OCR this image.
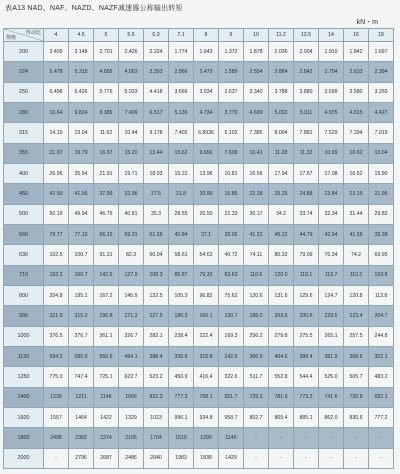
表A13 NAD、NAF、NAZD、NAZF减速器公称输出转矩
kN・m
传动比
规格	4	4.5	5	5.6	6.3	7.1	8	9	10	11.2	12.5	14	16	18
200	3.409	3.148	2.701	2.426	2.224	1.774	1.643	1.372	1.878	2.036	2.004	1.910	1.842	1.697
224	5.478	5.315	4.665	4.063	3.393	2.866	2.479	1.589	2.554	2.884	2.842	2.704	2.633	2.394
250	6.498	6.426	5.776	5.033	4.418	3.666	3.034	2.637	3.340	3.788	3.880	3.699	3.580	3.259
280	10.64	9.824	8.389	7.499	6.517	5.136	4.734	3.779	4.699	5.092	5.011	4.975	4.815	4.427
315	14.19	13.04	11.62	10.44	9.178	7.402	6.8936	5.102	7.385	8.004	7.881	7.529	7.294	7.019
355	21.97	19.79	16.97	15.20	13.44	10.62	9.656	7.609	10.41	11.28	11.32	10.99	10.62	10.04
400	26.96	25.54	21.91	19.71	18.03	15.22	13.96	10.81	16.56	17.94	17.67	17.08	16.52	15.90
450	42.59	41.56	37.96	32.96	27.5	21.8	20.99	16.85	22.28	25.25	24.88	23.84	23.15	21.96
500	50.19	49.94	46.76	40.81	35.3	28.55	26.50	22.33	30.17	34.2	33.74	32.34	31.44	29.82
560	79.77	77.19	66.16	59.31	51.56	40.84	37.1	29.02	41.22	45.22	44.79	42.94	41.56	39.39
630	102.5	100.7	91.31	82.3	60.94	58.61	54.63	40.72	74.11	80.32	79.09	76.34	74.2	69.95
710	163.2	160.7	142.5	127.9	108.3	85.87	79.32	63.63	110.6	120.0	118.1	113.7	110.2	103.8
800	204.8	195.1	167.2	145.9	132.5	105.3	96.82	75.62	120.6	131.6	129.6	124.7	120.8	113.8
900	321.0	315.2	296.8	271.3	227.5	180.3	166.1	130.7	188.0	203.6	200.6	229.5	223.4	204.7
1000	376.5	376.7	361.1	326.7	282.1	238.4	222.4	169.3	256.2	279.8	275.5	265.1	257.5	244.8
1120	594.2	585.9	550.5	494.1	388.4	336.6	315.8	242.6	366.9	404.6	398.4	381.9	368.5	352.1
1250	775.0	747.4	725.1	622.7	523.2	450.9	416.4	322.6	511.7	552.8	544.4	525.0	505.7	483.2
1400	1230	1211	1146	1066	922.3	777.3	708.1	551.7	729.3	781.9	773.3	741.6	720.9	682.1
1600	1557	1464	1422	1329	1023	996.1	934.8	958.7	802.7	869.4	885.1	862.0	830.6	777.2
1800	2408	2362	2274	2195	1704	1510	1399	1146	-	-	-	-	-	-
2000	-	2796	2687	2486	2040	1983	1838	1429	-	-	-	-	-	-
